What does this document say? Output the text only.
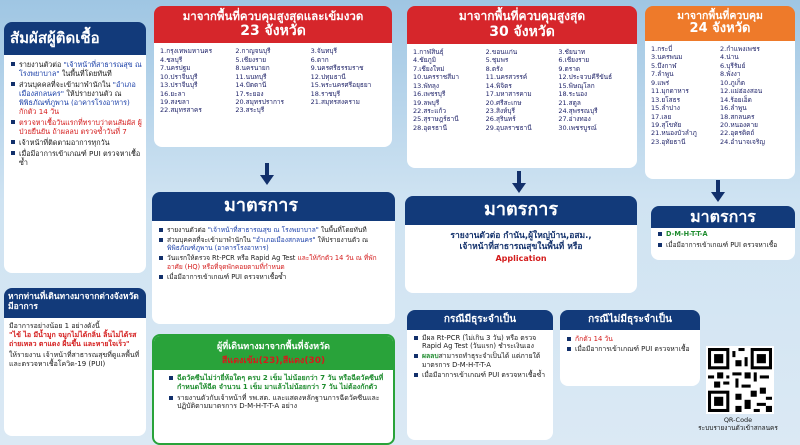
สัมผัสผู้ติดเชื้อ
รายงานตัวต่อ "เจ้าหน้าที่สาธารณสุข ณ โรงพยาบาล" ในพื้นที่โดยทันที
ส่วนบุคคลที่จะเข้ามาพำนักใน "อำเภอเมืองสกลนคร" ให้ปรายงานตัว ณ พิพิธภัณฑ์ภูพาน (อาคารโรงอาหาร) กักตัว 14 วัน
ตรวจหาเชื้อวันแรกที่ทราบว่าตนสัมผัส ผู้ป่วยยืนยัน ถ้าผลลบ ตรวจซ้ำวันที่ 7
เจ้าหน้าที่ติดตามอาการทุกวัน
เมื่อมีอาการเข้าเกณฑ์ PUI ตรวจหาเชื้อซ้ำ
หากท่านที่เดินทางมาจากต่างจังหวัดมีอาการ
มีอาการอย่างน้อย 1 อย่างดังนี้
"ไข้ ไอ มีน้ำมูก จมูกไม่ได้กลิ่น ลิ้นไม่ได้รส ถ่ายเหลว ตาแดง ผื่นขึ้น และหายใจเร็ว"
ให้รายงาน เจ้าหน้าที่สาธารณสุขที่ดูแลพื้นที่ และตรวจหาเชื้อโควิด-19 (PUI)
มาจากพื้นที่ควบคุมสูงสุดและเข้มงวด
23 จังหวัด
1.กรุงเทพมหานคร
4.ชลบุรี
7.นครปฐม
10.ปราจีนบุรี
13.ปราจีนบุรี
16.ยะลา
19.สงขลา
22.สมุทรสาคร
2.กาญจนบุรี
5.เชียงราย
8.นครนายก
11.นนทบุรี
14.ปัตตานี
17.ระยอง
20.สมุทรปราการ
23.สระบุรี
3.จันทบุรี
6.ตาก
9.นครศรีธรรมราช
12.ปทุมธานี
15.พระนครศรีอยุธยา
18.ราชบุรี
21.สมุทรสงคราม
มาจากพื้นที่ควบคุมสูงสุด
30 จังหวัด
1.กาฬสินธุ์
4.ชัยภูมิ
7.เชียงใหม่
10.นครราชสีมา
13.พัทลุง
16.เพชรบุรี
19.ลพบุรี
22.สระแก้ว
25.สุราษฎร์ธานี
28.อุดรธานี
2.ขอนแก่น
5.ชุมพร
8.ตรัง
11.นครสวรรค์
14.พิจิตร
17.มหาสารคาม
20.ศรีสะเกษ
23.สิงห์บุรี
26.สุรินทร์
29.อุบลราชธานี
3.ชัยนาท
6.เชียงราย
9.ตราด
12.ประจวบคีรีขันธ์
15.พิษณุโลก
18.ระนอง
21.สตูล
24.สุพรรณบุรี
27.อ่างทอง
30.เพชรบูรณ์
มาจากพื้นที่ควบคุม
24 จังหวัด
1.กระบี่
3.นครพนม
5.บึงกาฬ
7.ลำพูน
9.แพร่
11.มุกดาหาร
13.ยโสธร
15.ลำปาง
17.เลย
19.สุโขทัย
21.หนองบัวลำภู
23.อุทัยธานี
2.กำแพงเพชร
4.น่าน
6.บุรีรัมย์
8.พังงา
10.ภูเก็ต
12.แม่ฮ่องสอน
14.ร้อยเอ็ด
16.ลำพูน
18.สกลนคร
20.หนองคาย
22.อุตรดิตถ์
24.อำนาจเจริญ
มาตรการ
รายงานตัวต่อ "เจ้าหน้าที่สาธารณสุข ณ โรงพยาบาล" ในพื้นที่โดยทันที
ส่วนบุคคลที่จะเข้ามาพำนักใน "อำเภอเมืองสกลนคร" ให้ปรายงานตัว ณ พิพิธภัณฑ์ภูพาน (อาคารโรงอาหาร)
วันแรกให้ตรวจ Rt-PCR หรือ Rapid Ag Test และให้กักตัว 14 วัน ณ ที่พักอาศัย (HQ) หรือที่จุดพักคอยตามที่กำหนด
เมื่อมีอาการเข้าเกณฑ์ PUI ตรวจหาเชื้อซ้ำ
ผู้ที่เดินทางมาจากพื้นที่จังหวัด
สีแดงเข้ม(23),สีแดง(30)
ฉีดวัคซีนไม่ว่ายี่ห้อใดๆ ครบ 2 เข็ม ไม่น้อยกว่า 7 วัน หรือฉีดวัคซีนที่กำหนดให้ฉีด จำนวน 1 เข็ม มาแล้วไม่น้อยกว่า 7 วัน ไม่ต้องกักตัว
รายงานตัวกับเจ้าหน้าที่ รพ.สต. และแสดงหลักฐานการฉีดวัคซีนและปฏิบัติตามมาตรการ D-M-H-T-T-A อย่าง
มาตรการ
รายงานตัวต่อ กำนัน,ผู้ใหญ่บ้าน,อสม.,
เจ้าหน้าที่สาธารณสุขในพื้นที่ หรือ
Application
กรณีมีธุระจำเป็น
มีผล Rt-PCR (ไม่เกิน 3 วัน) หรือ ตรวจ Rapid Ag Test (วันแรก) ชำระเงินเอง
ผลลบสามารถทำธุระจำเป็นได้ แต่ภายใต้มาตรการ D-M-H-T-T-A
เมื่อมีอาการเข้าเกณฑ์ PUI ตรวจหาเชื้อซ้ำ
กรณีไม่มีธุระจำเป็น
กักตัว 14 วัน
เมื่อมีอาการเข้าเกณฑ์ PUI ตรวจหาเชื้อ
มาตรการ
D-M-H-T-T-A
เมื่อมีอาการเข้าเกณฑ์ PUI ตรวจหาเชื้อ
QR-Code
ระบบรายงานตัวเข้าสกลนคร
